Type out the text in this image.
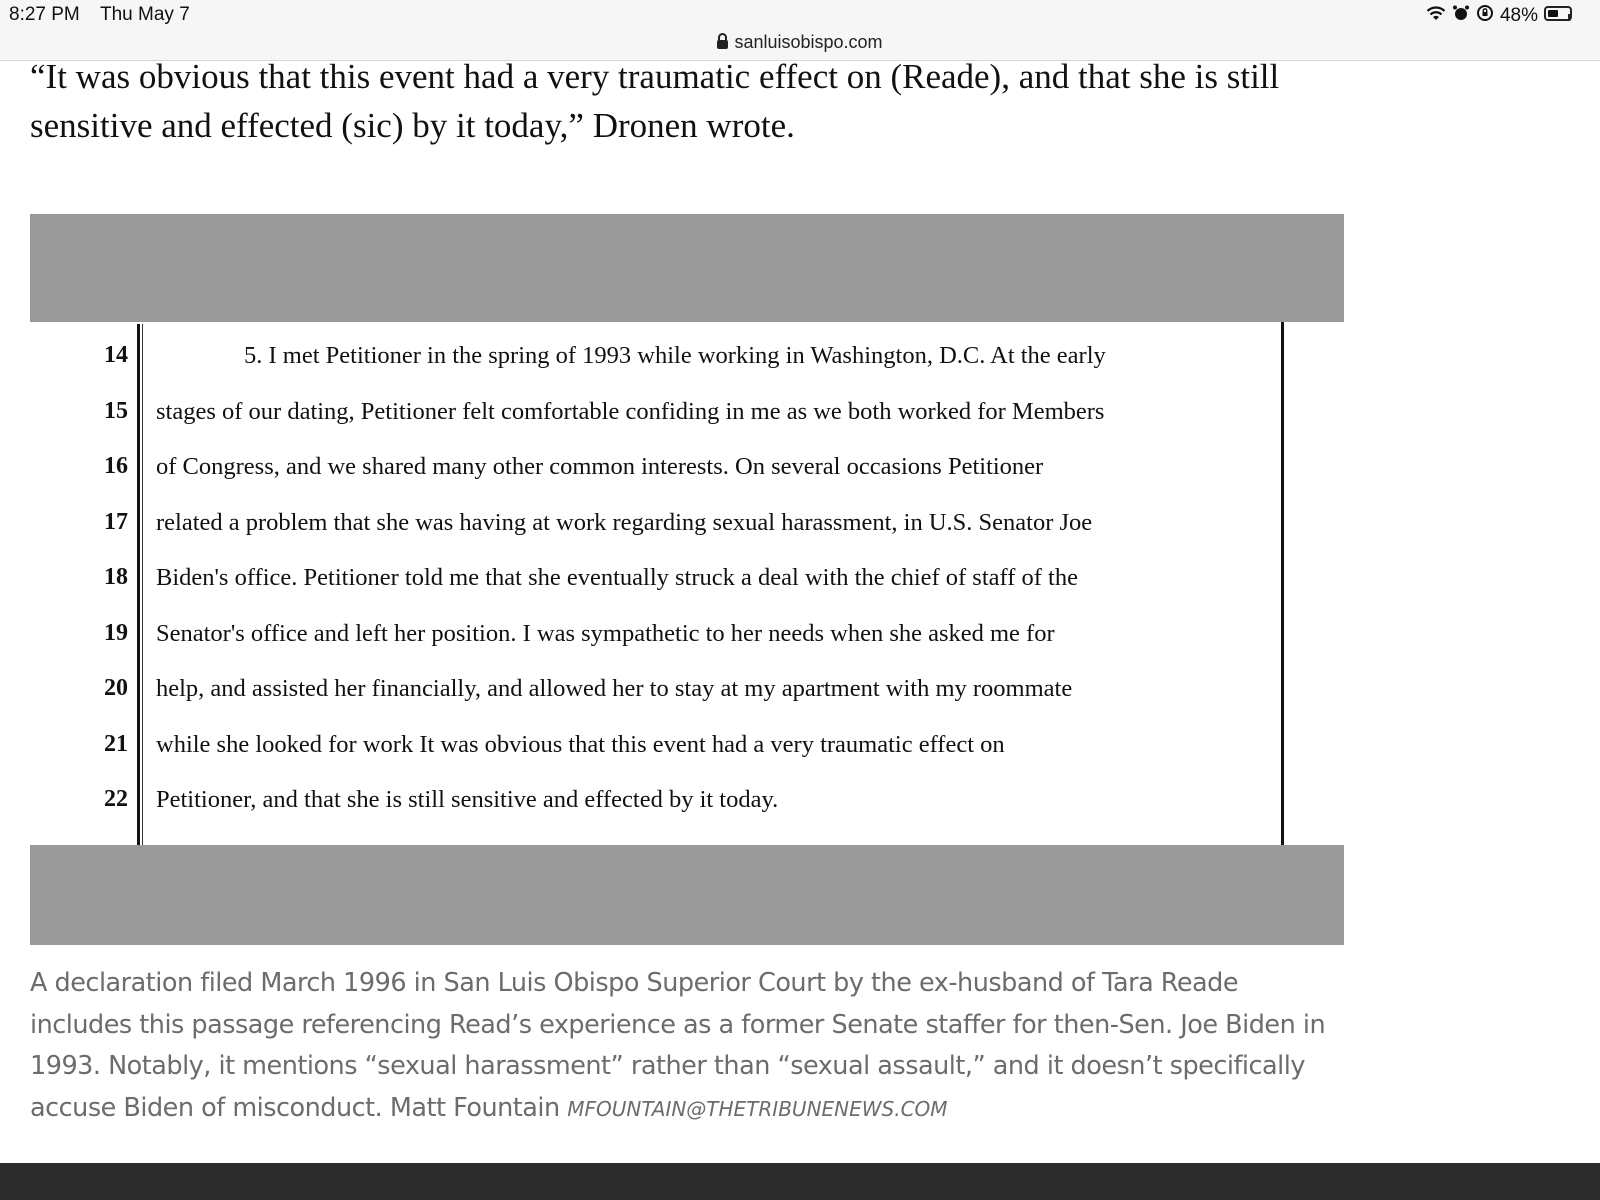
8:27 PM Thu May 7	48%
sanluisobispo.com
“It was obvious that this event had a very traumatic effect on (Reade), and that she is still
sensitive and effected (sic) by it today,” Dronen wrote.
14	5. I met Petitioner in the spring of 1993 while working in Washington, D.C. At the early
15 stages of our dating, Petitioner felt comfortable confiding in me as we both worked for Members
16 of Congress, and we shared many other common interests. On several occasions Petitioner
17 related a problem that she was having at work regarding sexual harassment, in U.S. Senator Joe
18 Biden's office. Petitioner told me that she eventually struck a deal with the chief of staff of the
19 Senator's office and left her position. I was sympathetic to her needs when she asked me for
20 help, and assisted her financially, and allowed her to stay at my apartment with my roommate
21 while she looked for work It was obvious that this event had a very traumatic effect on
22 Petitioner, and that she is still sensitive and effected by it today.
A declaration filed March 1996 in San Luis Obispo Superior Court by the ex-husband of Tara Reade
includes this passage referencing Read’s experience as a former Senate staffer for then-Sen. Joe Biden in
1993. Notably, it mentions “sexual harassment” rather than “sexual assault,” and it doesn’t specifically
accuse Biden of misconduct. Matt Fountain MFOUNTAIN@THETRIBUNENEWS.COM
